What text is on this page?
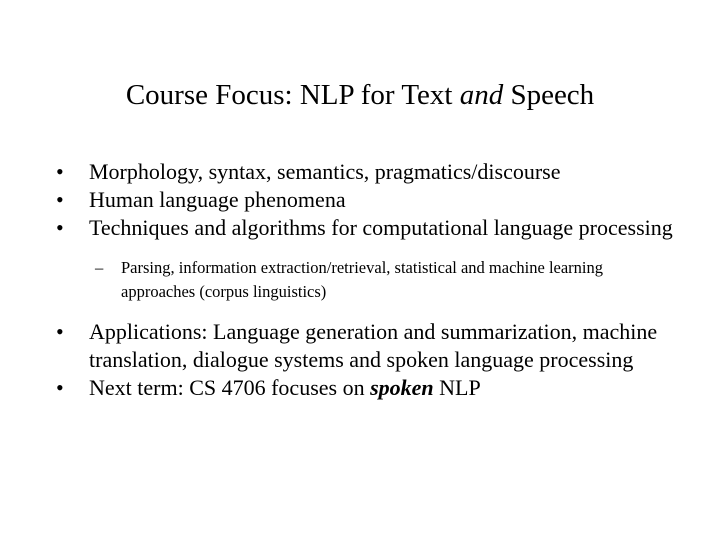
Course Focus: NLP for Text and Speech
• Morphology, syntax, semantics, pragmatics/discourse
• Human language phenomena
• Techniques and algorithms for computational language processing
– Parsing, information extraction/retrieval, statistical and machine learning approaches (corpus linguistics)
• Applications: Language generation and summarization, machine translation, dialogue systems and spoken language processing
• Next term: CS 4706 focuses on spoken NLP
